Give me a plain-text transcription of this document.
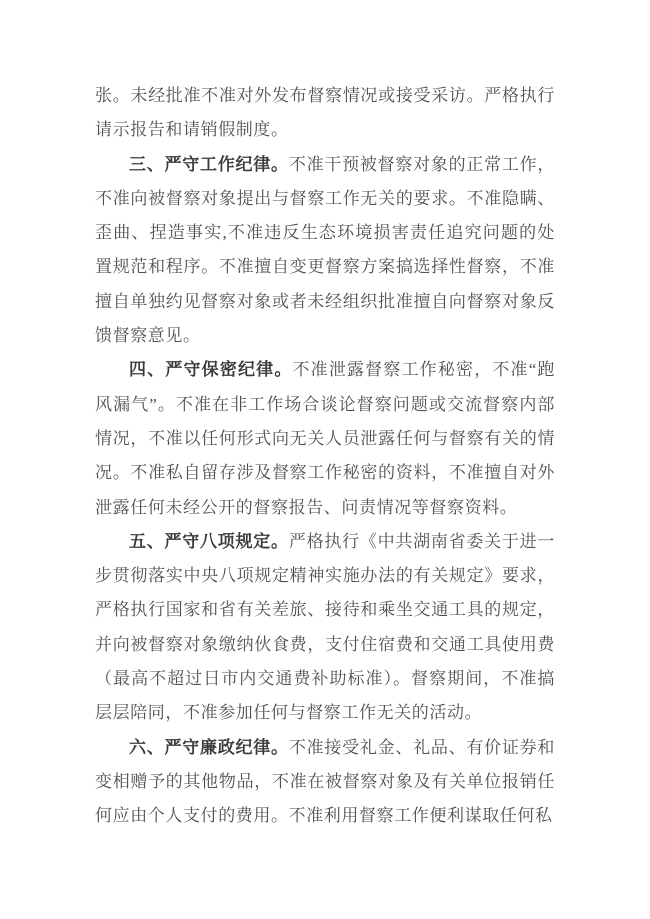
张。未经批准不准对外发布督察情况或接受采访。严格执行请示报告和请销假制度。

三、严守工作纪律。不准干预被督察对象的正常工作，不准向被督察对象提出与督察工作无关的要求。不准隐瞒、歪曲、捏造事实,不准违反生态环境损害责任追究问题的处置规范和程序。不准擅自变更督察方案搞选择性督察，不准擅自单独约见督察对象或者未经组织批准擅自向督察对象反馈督察意见。

四、严守保密纪律。不准泄露督察工作秘密，不准“跑风漏气”。不准在非工作场合谈论督察问题或交流督察内部情况，不准以任何形式向无关人员泄露任何与督察有关的情况。不准私自留存涉及督察工作秘密的资料，不准擅自对外泄露任何未经公开的督察报告、问责情况等督察资料。

五、严守八项规定。严格执行《中共湖南省委关于进一步贯彻落实中央八项规定精神实施办法的有关规定》要求，严格执行国家和省有关差旅、接待和乘坐交通工具的规定，并向被督察对象缴纳伙食费，支付住宿费和交通工具使用费（最高不超过日市内交通费补助标准）。督察期间，不准搞层层陪同，不准参加任何与督察工作无关的活动。

六、严守廉政纪律。不准接受礼金、礼品、有价证券和变相赠予的其他物品，不准在被督察对象及有关单位报销任何应由个人支付的费用。不准利用督察工作便利谋取任何私
